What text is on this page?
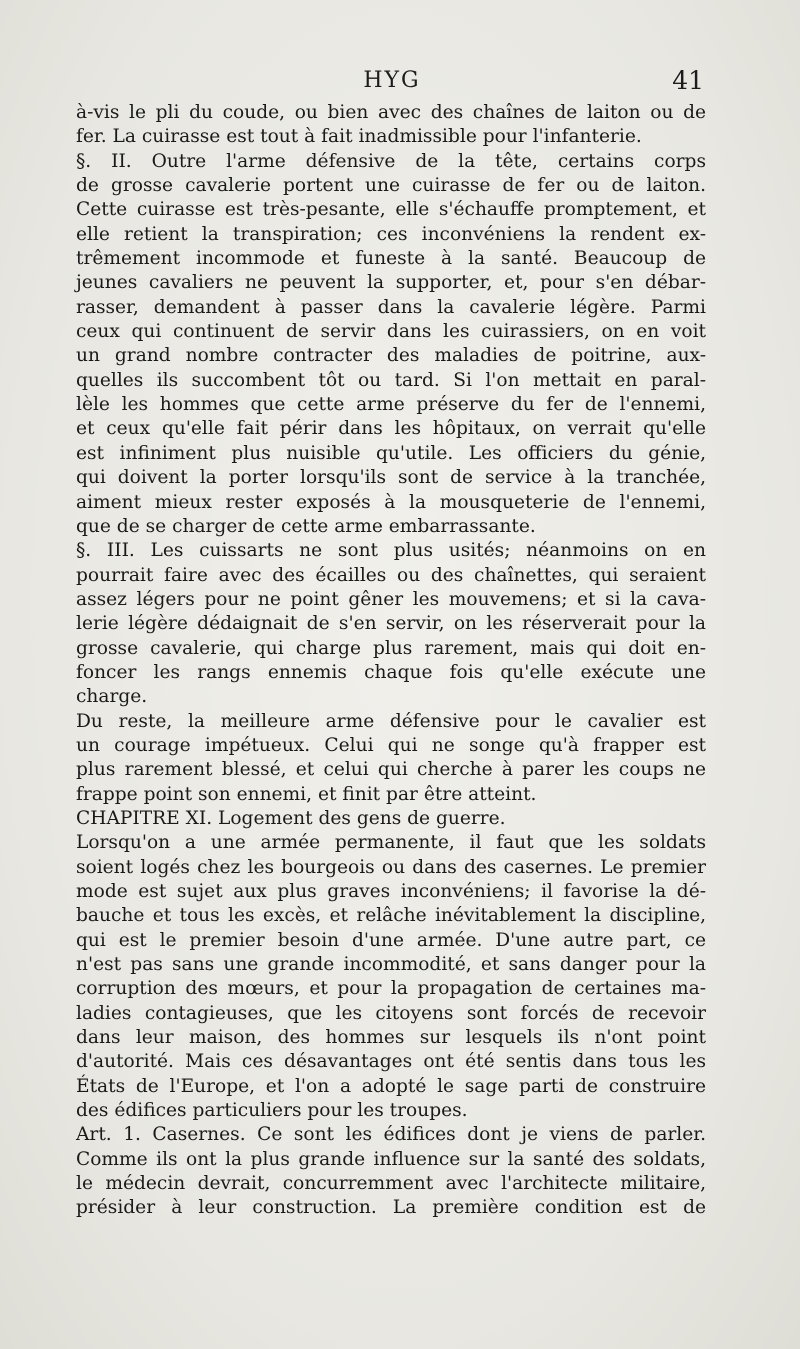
HYG	41
à-vis le pli du coude, ou bien avec des chaînes de laiton ou de
fer. La cuirasse est tout à fait inadmissible pour l'infanterie.
§. II. Outre l'arme défensive de la tête, certains corps
de grosse cavalerie portent une cuirasse de fer ou de laiton.
Cette cuirasse est très-pesante, elle s'échauffe promptement, et
elle retient la transpiration; ces inconvéniens la rendent ex-
trêmement incommode et funeste à la santé. Beaucoup de
jeunes cavaliers ne peuvent la supporter, et, pour s'en débar-
rasser, demandent à passer dans la cavalerie légère. Parmi
ceux qui continuent de servir dans les cuirassiers, on en voit
un grand nombre contracter des maladies de poitrine, aux-
quelles ils succombent tôt ou tard. Si l'on mettait en paral-
lèle les hommes que cette arme préserve du fer de l'ennemi,
et ceux qu'elle fait périr dans les hôpitaux, on verrait qu'elle
est infiniment plus nuisible qu'utile. Les officiers du génie,
qui doivent la porter lorsqu'ils sont de service à la tranchée,
aiment mieux rester exposés à la mousqueterie de l'ennemi,
que de se charger de cette arme embarrassante.
§. III. Les cuissarts ne sont plus usités; néanmoins on en
pourrait faire avec des écailles ou des chaînettes, qui seraient
assez légers pour ne point gêner les mouvemens; et si la cava-
lerie légère dédaignait de s'en servir, on les réserverait pour la
grosse cavalerie, qui charge plus rarement, mais qui doit en-
foncer les rangs ennemis chaque fois qu'elle exécute une
charge.
Du reste, la meilleure arme défensive pour le cavalier est
un courage impétueux. Celui qui ne songe qu'à frapper est
plus rarement blessé, et celui qui cherche à parer les coups ne
frappe point son ennemi, et finit par être atteint.
CHAPITRE XI. Logement des gens de guerre.
Lorsqu'on a une armée permanente, il faut que les soldats
soient logés chez les bourgeois ou dans des casernes. Le premier
mode est sujet aux plus graves inconvéniens; il favorise la dé-
bauche et tous les excès, et relâche inévitablement la discipline,
qui est le premier besoin d'une armée. D'une autre part, ce
n'est pas sans une grande incommodité, et sans danger pour la
corruption des mœurs, et pour la propagation de certaines ma-
ladies contagieuses, que les citoyens sont forcés de recevoir
dans leur maison, des hommes sur lesquels ils n'ont point
d'autorité. Mais ces désavantages ont été sentis dans tous les
États de l'Europe, et l'on a adopté le sage parti de construire
des édifices particuliers pour les troupes.
Art. 1. Casernes. Ce sont les édifices dont je viens de parler.
Comme ils ont la plus grande influence sur la santé des soldats,
le médecin devrait, concurremment avec l'architecte militaire,
présider à leur construction. La première condition est de
